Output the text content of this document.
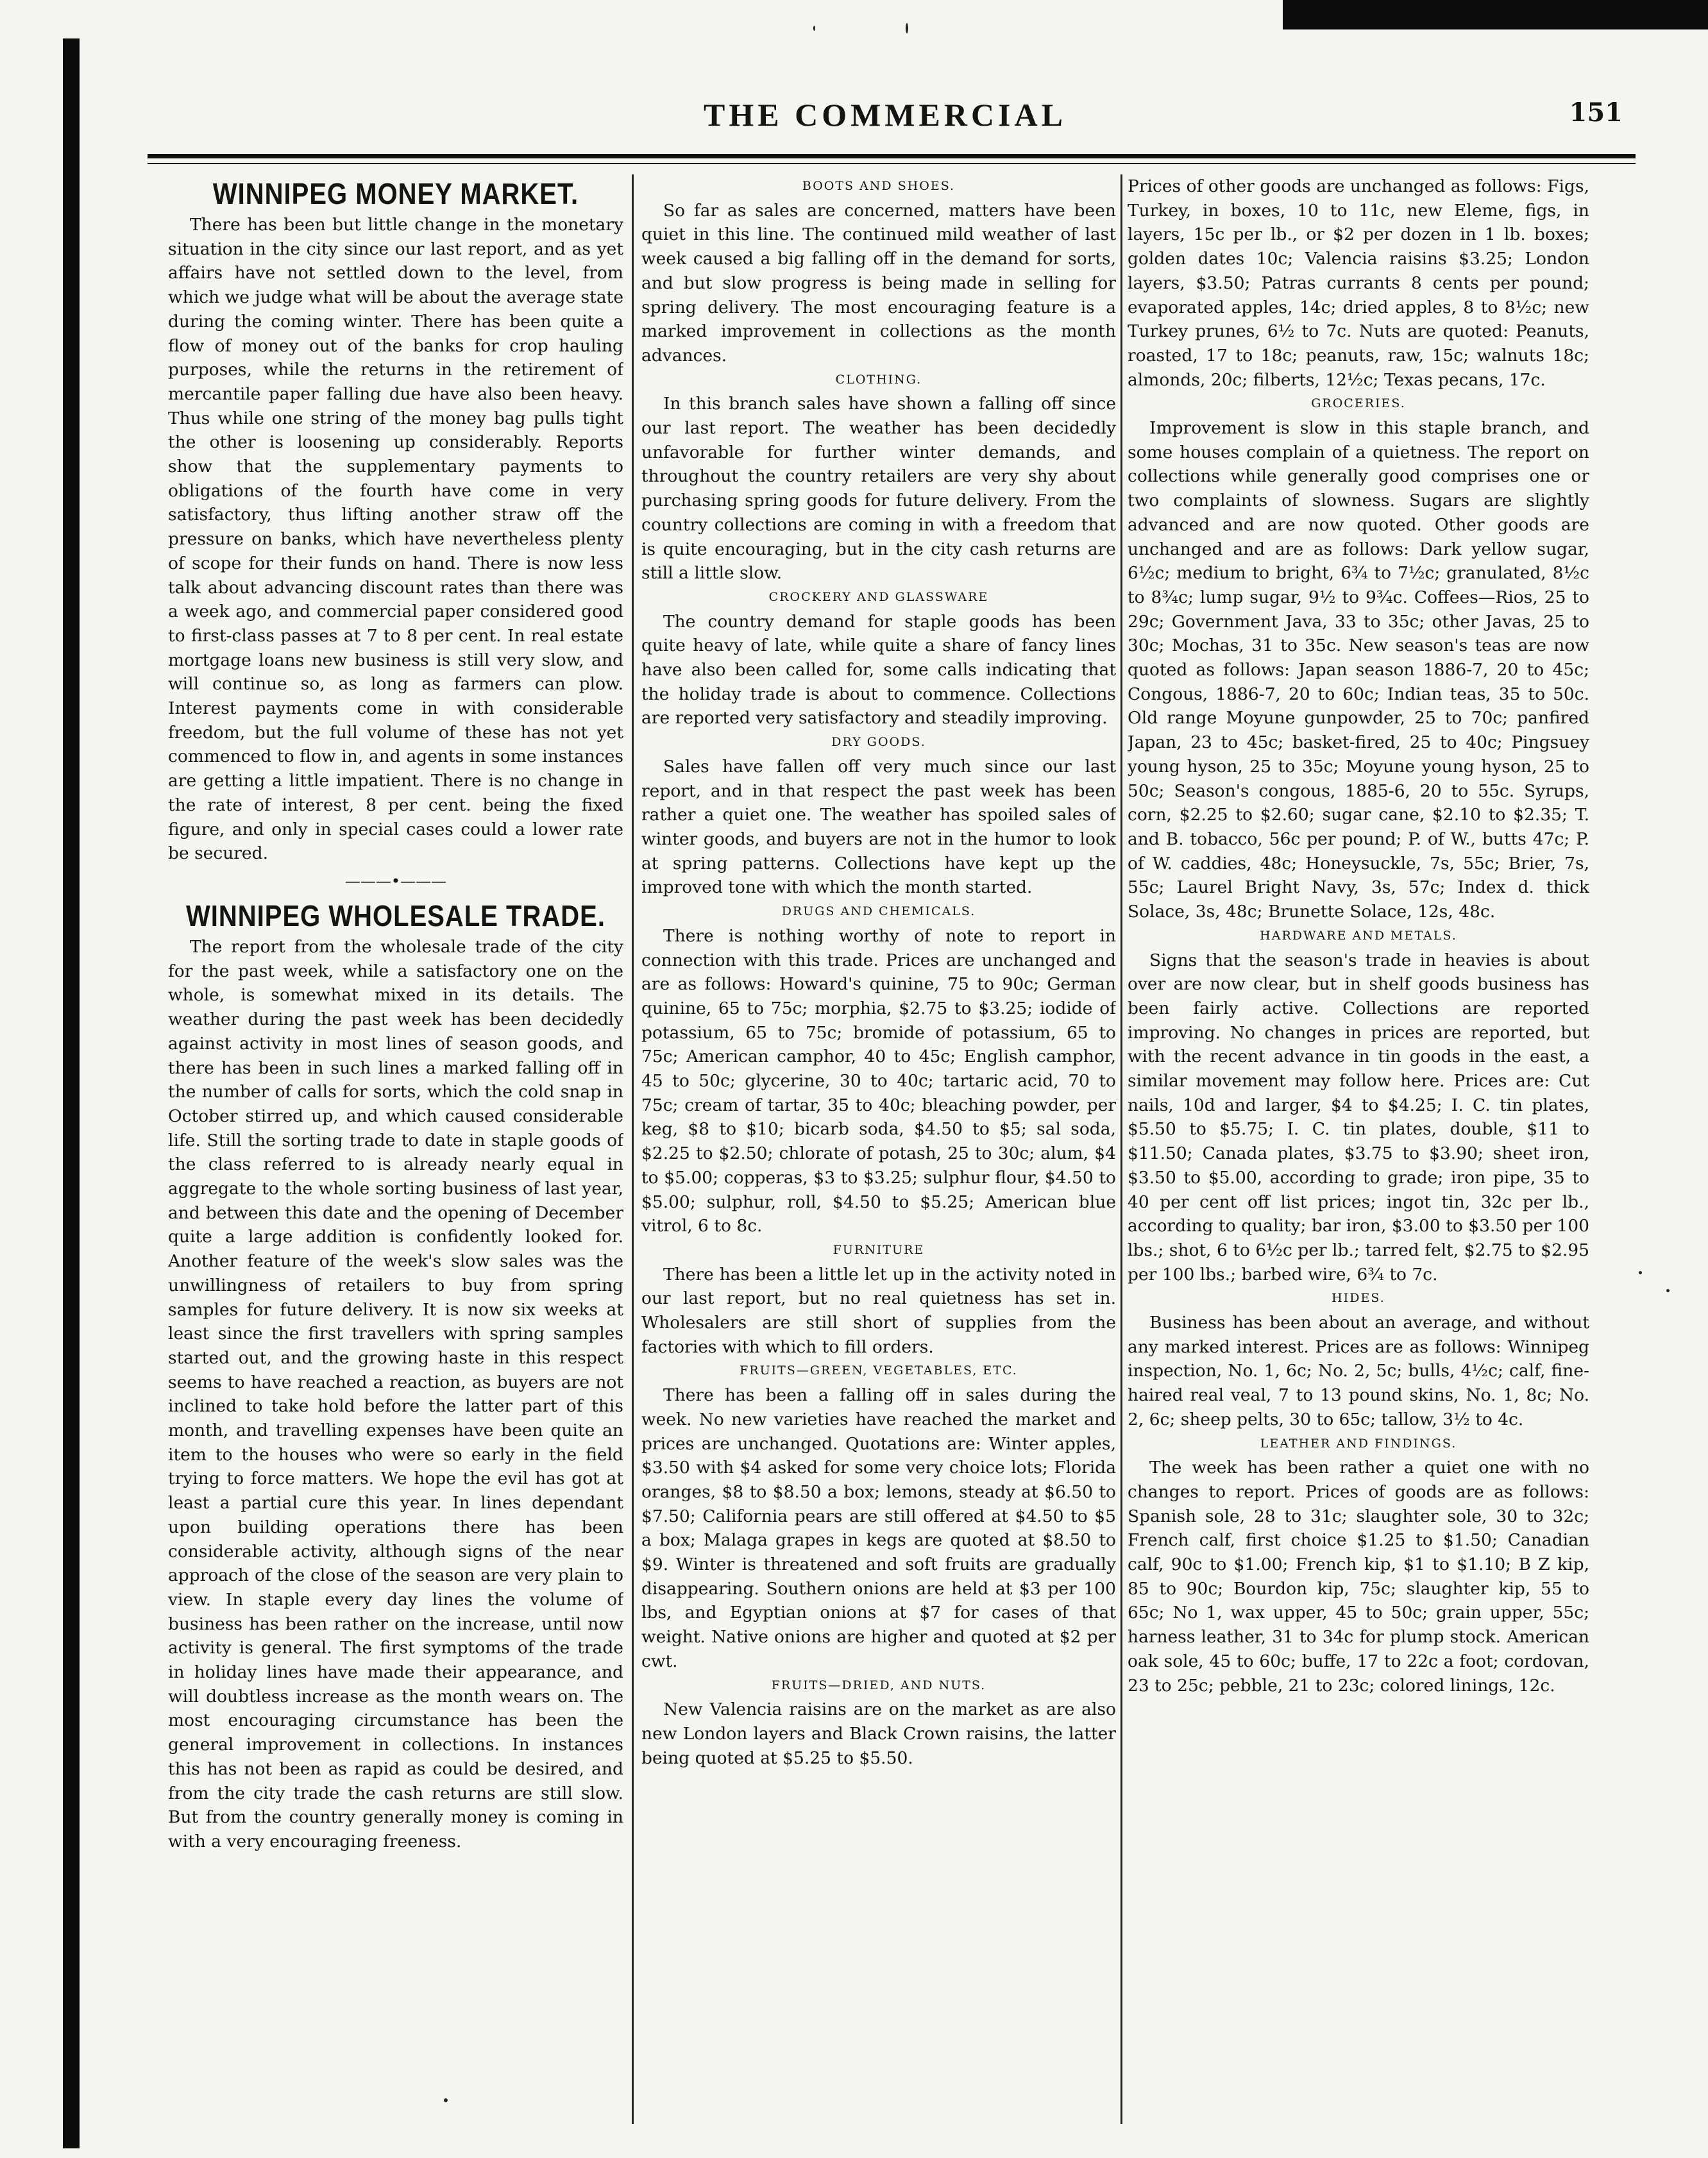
THE COMMERCIAL	151
WINNIPEG MONEY MARKET.

There has been but little change in the monetary situation in the city since our last report, and as yet affairs have not settled down to the level, from which we judge what will be about the average state during the coming winter. There has been quite a flow of money out of the banks for crop hauling purposes, while the returns in the retirement of mercantile paper falling due have also been heavy. Thus while one string of the money bag pulls tight the other is loosening up considerably. Reports show that the supplementary payments to obligations of the fourth have come in very satisfactory, thus lifting another straw off the pressure on banks, which have nevertheless plenty of scope for their funds on hand. There is now less talk about advancing discount rates than there was a week ago, and commercial paper considered good to first-class passes at 7 to 8 per cent. In real estate mortgage loans new business is still very slow, and will continue so, as long as farmers can plow. Interest payments come in with considerable freedom, but the full volume of these has not yet commenced to flow in, and agents in some instances are getting a little impatient. There is no change in the rate of interest, 8 per cent. being the fixed figure, and only in special cases could a lower rate be secured.

———•———
WINNIPEG WHOLESALE TRADE.

The report from the wholesale trade of the city for the past week, while a satisfactory one on the whole, is somewhat mixed in its details. The weather during the past week has been decidedly against activity in most lines of season goods, and there has been in such lines a marked falling off in the number of calls for sorts, which the cold snap in October stirred up, and which caused considerable life. Still the sorting trade to date in staple goods of the class referred to is already nearly equal in aggregate to the whole sorting business of last year, and between this date and the opening of December quite a large addition is confidently looked for. Another feature of the week's slow sales was the unwillingness of retailers to buy from spring samples for future delivery. It is now six weeks at least since the first travellers with spring samples started out, and the growing haste in this respect seems to have reached a reaction, as buyers are not inclined to take hold before the latter part of this month, and travelling expenses have been quite an item to the houses who were so early in the field trying to force matters. We hope the evil has got at least a partial cure this year. In lines dependant upon building operations there has been considerable activity, although signs of the near approach of the close of the season are very plain to view. In staple every day lines the volume of business has been rather on the increase, until now activity is general. The first symptoms of the trade in holiday lines have made their appearance, and will doubtless increase as the month wears on. The most encouraging circumstance has been the general improvement in collections. In instances this has not been as rapid as could be desired, and from the city trade the cash returns are still slow. But from the country generally money is coming in with a very encouraging freeness.

BOOTS AND SHOES.

So far as sales are concerned, matters have been quiet in this line. The continued mild weather of last week caused a big falling off in the demand for sorts, and but slow progress is being made in selling for spring delivery. The most encouraging feature is a marked improvement in collections as the month advances.

CLOTHING.

In this branch sales have shown a falling off since our last report. The weather has been decidedly unfavorable for further winter demands, and throughout the country retailers are very shy about purchasing spring goods for future delivery. From the country collections are coming in with a freedom that is quite encouraging, but in the city cash returns are still a little slow.

CROCKERY AND GLASSWARE

The country demand for staple goods has been quite heavy of late, while quite a share of fancy lines have also been called for, some calls indicating that the holiday trade is about to commence. Collections are reported very satisfactory and steadily improving.

DRY GOODS.

Sales have fallen off very much since our last report, and in that respect the past week has been rather a quiet one. The weather has spoiled sales of winter goods, and buyers are not in the humor to look at spring patterns. Collections have kept up the improved tone with which the month started.

DRUGS AND CHEMICALS.

There is nothing worthy of note to report in connection with this trade. Prices are unchanged and are as follows: Howard's quinine, 75 to 90c; German quinine, 65 to 75c; morphia, $2.75 to $3.25; iodide of potassium, 65 to 75c; bromide of potassium, 65 to 75c; American camphor, 40 to 45c; English camphor, 45 to 50c; glycerine, 30 to 40c; tartaric acid, 70 to 75c; cream of tartar, 35 to 40c; bleaching powder, per keg, $8 to $10; bicarb soda, $4.50 to $5; sal soda, $2.25 to $2.50; chlorate of potash, 25 to 30c; alum, $4 to $5.00; copperas, $3 to $3.25; sulphur flour, $4.50 to $5.00; sulphur, roll, $4.50 to $5.25; American blue vitrol, 6 to 8c.

FURNITURE

There has been a little let up in the activity noted in our last report, but no real quietness has set in. Wholesalers are still short of supplies from the factories with which to fill orders.

FRUITS—GREEN, VEGETABLES, ETC.

There has been a falling off in sales during the week. No new varieties have reached the market and prices are unchanged. Quotations are: Winter apples, $3.50 with $4 asked for some very choice lots; Florida oranges, $8 to $8.50 a box; lemons, steady at $6.50 to $7.50; California pears are still offered at $4.50 to $5 a box; Malaga grapes in kegs are quoted at $8.50 to $9. Winter is threatened and soft fruits are gradually disappearing. Southern onions are held at $3 per 100 lbs, and Egyptian onions at $7 for cases of that weight. Native onions are higher and quoted at $2 per cwt.

FRUITS—DRIED, AND NUTS.

New Valencia raisins are on the market as are also new London layers and Black Crown raisins, the latter being quoted at $5.25 to $5.50.

Prices of other goods are unchanged as follows: Figs, Turkey, in boxes, 10 to 11c, new Eleme, figs, in layers, 15c per lb., or $2 per dozen in 1 lb. boxes; golden dates 10c; Valencia raisins $3.25; London layers, $3.50; Patras currants 8 cents per pound; evaporated apples, 14c; dried apples, 8 to 8½c; new Turkey prunes, 6½ to 7c. Nuts are quoted: Peanuts, roasted, 17 to 18c; peanuts, raw, 15c; walnuts 18c; almonds, 20c; filberts, 12½c; Texas pecans, 17c.

GROCERIES.

Improvement is slow in this staple branch, and some houses complain of a quietness. The report on collections while generally good comprises one or two complaints of slowness. Sugars are slightly advanced and are now quoted. Other goods are unchanged and are as follows: Dark yellow sugar, 6½c; medium to bright, 6¾ to 7½c; granulated, 8½c to 8¾c; lump sugar, 9½ to 9¾c. Coffees—Rios, 25 to 29c; Government Java, 33 to 35c; other Javas, 25 to 30c; Mochas, 31 to 35c. New season's teas are now quoted as follows: Japan season 1886-7, 20 to 45c; Congous, 1886-7, 20 to 60c; Indian teas, 35 to 50c. Old range Moyune gunpowder, 25 to 70c; panfired Japan, 23 to 45c; basket-fired, 25 to 40c; Pingsuey young hyson, 25 to 35c; Moyune young hyson, 25 to 50c; Season's congous, 1885-6, 20 to 55c. Syrups, corn, $2.25 to $2.60; sugar cane, $2.10 to $2.35; T. and B. tobacco, 56c per pound; P. of W., butts 47c; P. of W. caddies, 48c; Honeysuckle, 7s, 55c; Brier, 7s, 55c; Laurel Bright Navy, 3s, 57c; Index d. thick Solace, 3s, 48c; Brunette Solace, 12s, 48c.

HARDWARE AND METALS.

Signs that the season's trade in heavies is about over are now clear, but in shelf goods business has been fairly active. Collections are reported improving. No changes in prices are reported, but with the recent advance in tin goods in the east, a similar movement may follow here. Prices are: Cut nails, 10d and larger, $4 to $4.25; I. C. tin plates, $5.50 to $5.75; I. C. tin plates, double, $11 to $11.50; Canada plates, $3.75 to $3.90; sheet iron, $3.50 to $5.00, according to grade; iron pipe, 35 to 40 per cent off list prices; ingot tin, 32c per lb., according to quality; bar iron, $3.00 to $3.50 per 100 lbs.; shot, 6 to 6½c per lb.; tarred felt, $2.75 to $2.95 per 100 lbs.; barbed wire, 6¾ to 7c.

HIDES.

Business has been about an average, and without any marked interest. Prices are as follows: Winnipeg inspection, No. 1, 6c; No. 2, 5c; bulls, 4½c; calf, fine-haired real veal, 7 to 13 pound skins, No. 1, 8c; No. 2, 6c; sheep pelts, 30 to 65c; tallow, 3½ to 4c.

LEATHER AND FINDINGS.

The week has been rather a quiet one with no changes to report. Prices of goods are as follows: Spanish sole, 28 to 31c; slaughter sole, 30 to 32c; French calf, first choice $1.25 to $1.50; Canadian calf, 90c to $1.00; French kip, $1 to $1.10; B Z kip, 85 to 90c; Bourdon kip, 75c; slaughter kip, 55 to 65c; No 1, wax upper, 45 to 50c; grain upper, 55c; harness leather, 31 to 34c for plump stock. American oak sole, 45 to 60c; buffe, 17 to 22c a foot; cordovan, 23 to 25c; pebble, 21 to 23c; colored linings, 12c.
